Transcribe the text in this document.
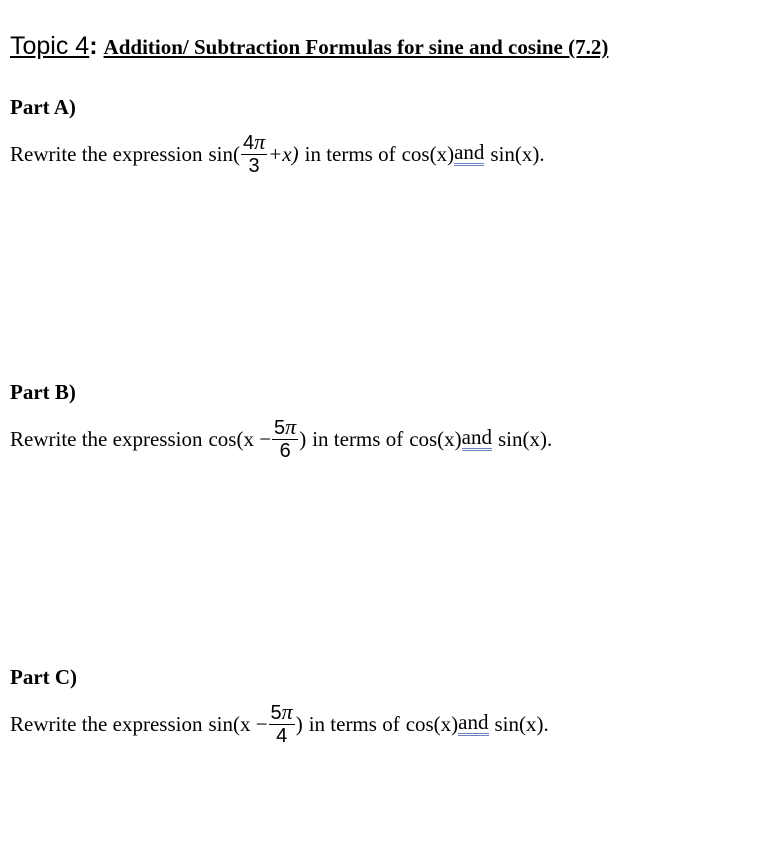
Topic 4: Addition/ Subtraction Formulas for sine and cosine (7.2)
Part A)
Rewrite the expression $\sin( \frac{4\pi}{3} +x)$ in terms of cos(x) and sin(x).
Part B)
Rewrite the expression $\cos(x - \frac{5\pi}{6}$ ) in terms of cos(x) and sin(x).
Part C)
Rewrite the expression $\sin(x - \frac{5\pi}{4}$ ) in terms of cos(x) and sin(x).
